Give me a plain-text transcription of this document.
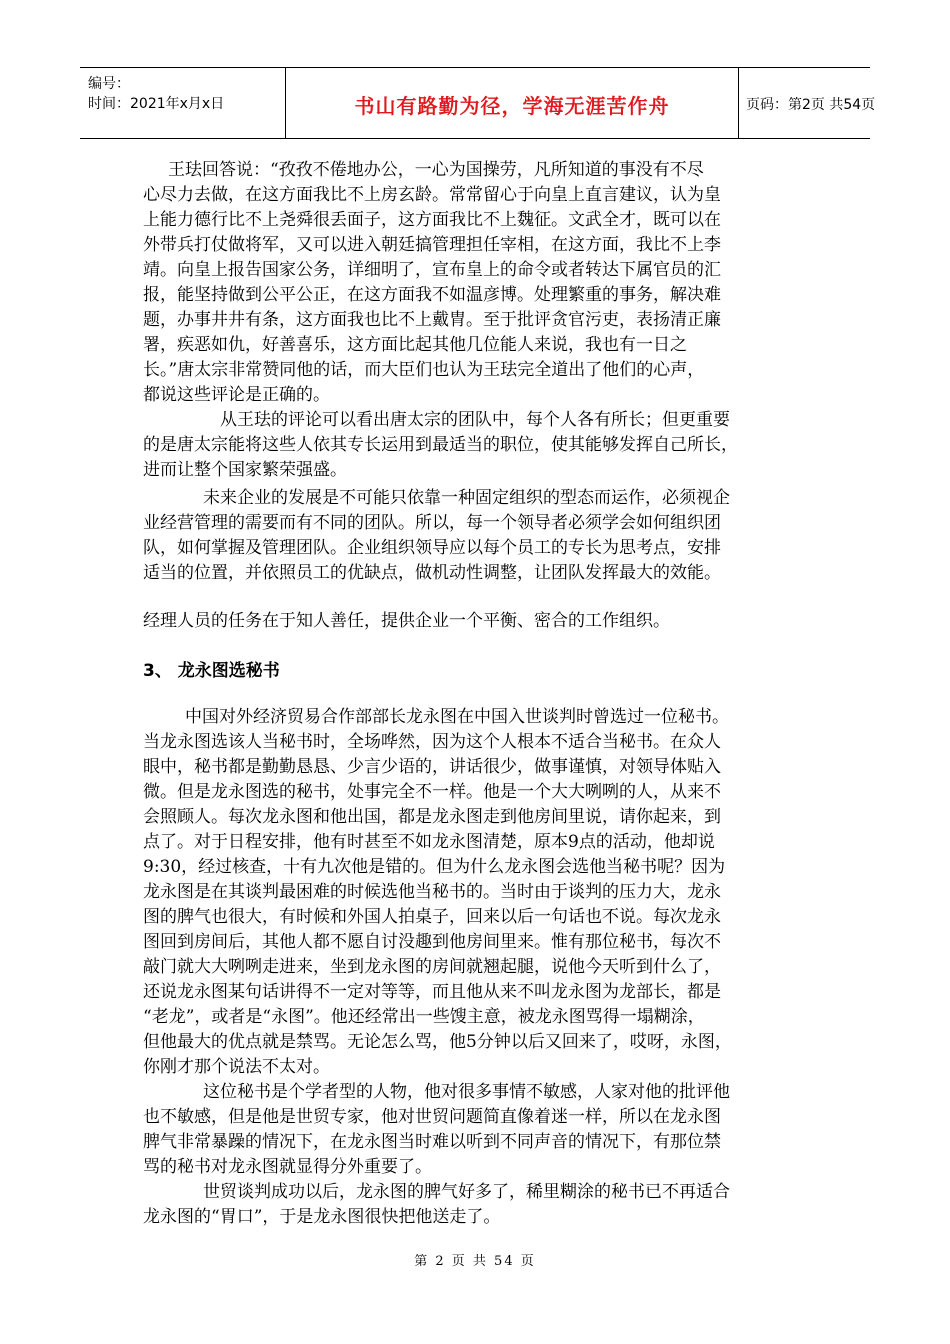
编号：
时间：2021年x月x日	书山有路勤为径，学海无涯苦作舟	页码：第2页 共54页
王珐回答说：“孜孜不倦地办公，一心为国操劳，凡所知道的事没有不尽
心尽力去做，在这方面我比不上房玄龄。常常留心于向皇上直言建议，认为皇
上能力德行比不上尧舜很丢面子，这方面我比不上魏征。文武全才，既可以在
外带兵打仗做将军，又可以进入朝廷搞管理担任宰相，在这方面，我比不上李
靖。向皇上报告国家公务，详细明了，宣布皇上的命令或者转达下属官员的汇
报，能坚持做到公平公正，在这方面我不如温彦博。处理繁重的事务，解决难
题，办事井井有条，这方面我也比不上戴胄。至于批评贪官污吏，表扬清正廉
署，疾恶如仇，好善喜乐，这方面比起其他几位能人来说，我也有一日之
长。”唐太宗非常赞同他的话，而大臣们也认为王珐完全道出了他们的心声，
都说这些评论是正确的。
从王珐的评论可以看出唐太宗的团队中，每个人各有所长；但更重要
的是唐太宗能将这些人依其专长运用到最适当的职位，使其能够发挥自己所长，
进而让整个国家繁荣强盛。
未来企业的发展是不可能只依靠一种固定组织的型态而运作，必须视企
业经营管理的需要而有不同的团队。所以，每一个领导者必须学会如何组织团
队，如何掌握及管理团队。企业组织领导应以每个员工的专长为思考点，安排
适当的位置，并依照员工的优缺点，做机动性调整，让团队发挥最大的效能。
经理人员的任务在于知人善任，提供企业一个平衡、密合的工作组织。
3、 龙永图选秘书
中国对外经济贸易合作部部长龙永图在中国入世谈判时曾选过一位秘书。
当龙永图选该人当秘书时，全场哗然，因为这个人根本不适合当秘书。在众人
眼中，秘书都是勤勤恳恳、少言少语的，讲话很少，做事谨慎，对领导体贴入
微。但是龙永图选的秘书，处事完全不一样。他是一个大大咧咧的人，从来不
会照顾人。每次龙永图和他出国，都是龙永图走到他房间里说，请你起来，到
点了。对于日程安排，他有时甚至不如龙永图清楚，原本9点的活动，他却说
9:30，经过核查，十有九次他是错的。但为什么龙永图会选他当秘书呢？因为
龙永图是在其谈判最困难的时候选他当秘书的。当时由于谈判的压力大，龙永
图的脾气也很大，有时候和外国人拍桌子，回来以后一句话也不说。每次龙永
图回到房间后，其他人都不愿自讨没趣到他房间里来。惟有那位秘书，每次不
敲门就大大咧咧走进来，坐到龙永图的房间就翘起腿，说他今天听到什么了，
还说龙永图某句话讲得不一定对等等，而且他从来不叫龙永图为龙部长，都是
“老龙”，或者是“永图”。他还经常出一些馊主意，被龙永图骂得一塌糊涂，
但他最大的优点就是禁骂。无论怎么骂，他5分钟以后又回来了，哎呀，永图，
你刚才那个说法不太对。
这位秘书是个学者型的人物，他对很多事情不敏感，人家对他的批评他
也不敏感，但是他是世贸专家，他对世贸问题简直像着迷一样，所以在龙永图
脾气非常暴躁的情况下，在龙永图当时难以听到不同声音的情况下，有那位禁
骂的秘书对龙永图就显得分外重要了。
世贸谈判成功以后，龙永图的脾气好多了，稀里糊涂的秘书已不再适合
龙永图的“胃口”，于是龙永图很快把他送走了。
第 2 页 共 54 页
